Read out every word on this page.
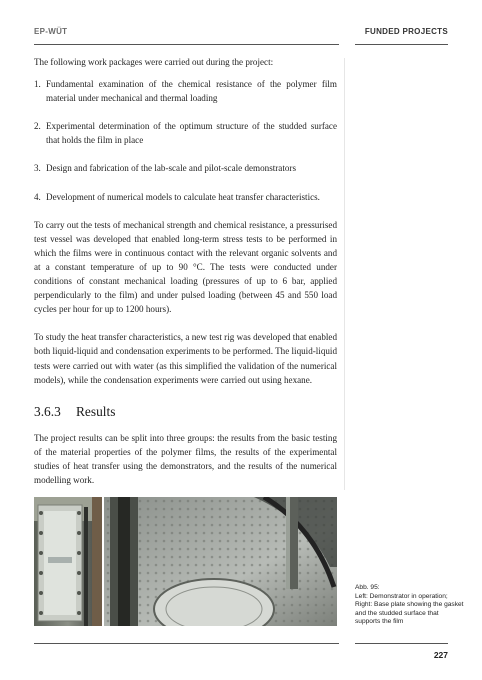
EP-WÜT	FUNDED PROJECTS

The following work packages were carried out during the project:

1. Fundamental examination of the chemical resistance of the polymer film material under mechanical and thermal loading
2. Experimental determination of the optimum structure of the studded surface that holds the film in place
3. Design and fabrication of the lab-scale and pilot-scale demonstrators
4. Development of numerical models to calculate heat transfer characteristics.

To carry out the tests of mechanical strength and chemical resistance, a pressurised test vessel was developed that enabled long-term stress tests to be performed in which the films were in continuous contact with the relevant organic solvents and at a constant temperature of up to 90 °C. The tests were conducted under conditions of constant mechanical loading (pressures of up to 6 bar, applied perpendicularly to the film) and under pulsed loading (between 45 and 550 load cycles per hour for up to 1200 hours).

To study the heat transfer characteristics, a new test rig was developed that enabled both liquid-liquid and condensation experiments to be performed. The liquid-liquid tests were carried out with water (as this simplified the validation of the numerical models), while the condensation experiments were carried out using hexane.

3.6.3	Results

The project results can be split into three groups: the results from the basic testing of the material properties of the polymer films, the results of the experimental studies of heat transfer using the demonstrators, and the results of the numerical modelling work.

Abb. 95:
Left: Demonstrator in operation;
Right: Base plate showing the gasket and the studded surface that supports the film
227
